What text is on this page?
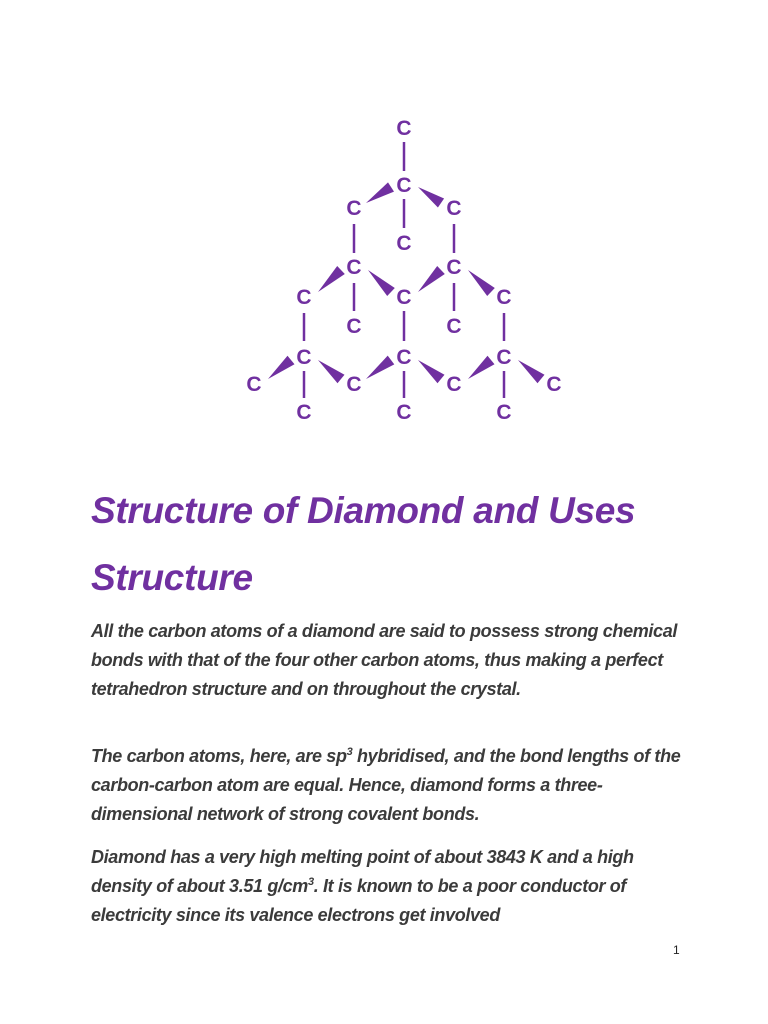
C
C
C	C
C
C	C
C	C	C
C	C
C	C	C
C	C	C	C
C	C	C
Structure of Diamond and Uses
Structure

All the carbon atoms of a diamond are said to possess strong chemical bonds with that of the four other carbon atoms, thus making a perfect tetrahedron structure and on throughout the crystal.

The carbon atoms, here, are $sp^3$ hybridised, and the bond lengths of the carbon-carbon atom are equal. Hence, diamond forms a three-dimensional network of strong covalent bonds.

Diamond has a very high melting point of about 3843 K and a high density of about 3.51 $g/cm^3$. It is known to be a poor conductor of electricity since its valence electrons get involved

1
